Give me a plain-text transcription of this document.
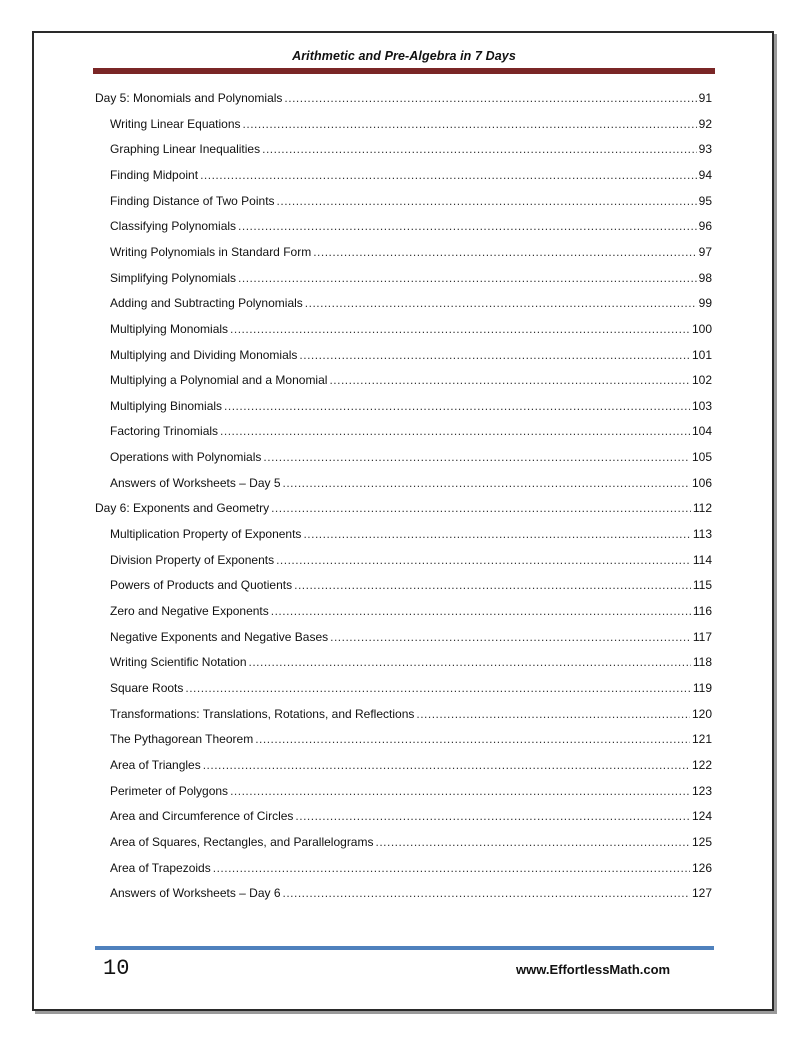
Arithmetic and Pre-Algebra in 7 Days
Day 5: Monomials and Polynomials .....	91
Writing Linear Equations .....	92
Graphing Linear Inequalities .....	93
Finding Midpoint .....	94
Finding Distance of Two Points .....	95
Classifying Polynomials .....	96
Writing Polynomials in Standard Form .....	97
Simplifying Polynomials .....	98
Adding and Subtracting Polynomials .....	99
Multiplying Monomials .....	100
Multiplying and Dividing Monomials .....	101
Multiplying a Polynomial and a Monomial .....	102
Multiplying Binomials .....	103
Factoring Trinomials .....	104
Operations with Polynomials .....	105
Answers of Worksheets – Day 5 .....	106
Day 6: Exponents and Geometry .....	112
Multiplication Property of Exponents .....	113
Division Property of Exponents .....	114
Powers of Products and Quotients .....	115
Zero and Negative Exponents .....	116
Negative Exponents and Negative Bases .....	117
Writing Scientific Notation .....	118
Square Roots .....	119
Transformations: Translations, Rotations, and Reflections .....	120
The Pythagorean Theorem .....	121
Area of Triangles .....	122
Perimeter of Polygons .....	123
Area and Circumference of Circles .....	124
Area of Squares, Rectangles, and Parallelograms .....	125
Area of Trapezoids .....	126
Answers of Worksheets – Day 6 .....	127
10	www.EffortlessMath.com
